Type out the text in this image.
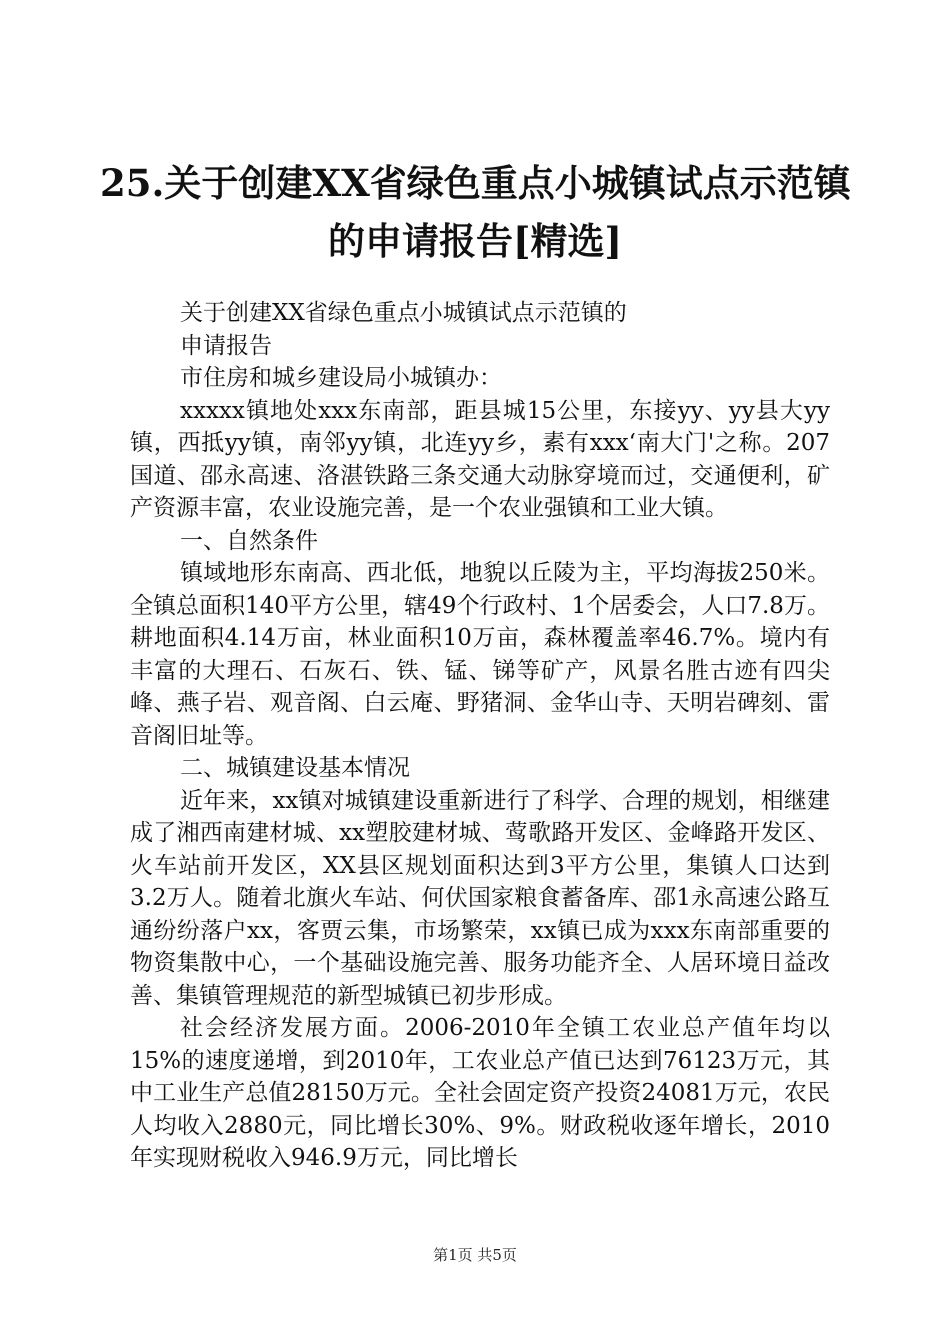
25.关于创建XX省绿色重点小城镇试点示范镇
的申请报告[精选]

关于创建XX省绿色重点小城镇试点示范镇的

申请报告

市住房和城乡建设局小城镇办：

xxxxx镇地处xxx东南部，距县城15公里，东接yy、yy县大yy镇，西抵yy镇，南邻yy镇，北连yy乡，素有xxx‘南大门'之称。207国道、邵永高速、洛湛铁路三条交通大动脉穿境而过，交通便利，矿产资源丰富，农业设施完善，是一个农业强镇和工业大镇。

一、自然条件

镇域地形东南高、西北低，地貌以丘陵为主，平均海拔250米。全镇总面积140平方公里，辖49个行政村、1个居委会，人口7.8万。耕地面积4.14万亩，林业面积10万亩，森林覆盖率46.7%。境内有丰富的大理石、石灰石、铁、锰、锑等矿产，风景名胜古迹有四尖峰、燕子岩、观音阁、白云庵、野猪洞、金华山寺、天明岩碑刻、雷音阁旧址等。

二、城镇建设基本情况

近年来，xx镇对城镇建设重新进行了科学、合理的规划，相继建成了湘西南建材城、xx塑胶建材城、莺歌路开发区、金峰路开发区、火车站前开发区，XX县区规划面积达到3平方公里，集镇人口达到3.2万人。随着北旗火车站、何伏国家粮食蓄备库、邵1永高速公路互通纷纷落户xx，客贾云集，市场繁荣，xx镇已成为xxx东南部重要的物资集散中心，一个基础设施完善、服务功能齐全、人居环境日益改善、集镇管理规范的新型城镇已初步形成。

社会经济发展方面。2006-2010年全镇工农业总产值年均以15%的速度递增，到2010年，工农业总产值已达到76123万元，其中工业生产总值28150万元。全社会固定资产投资24081万元，农民人均收入2880元，同比增长30%、9%。财政税收逐年增长，2010年实现财税收入946.9万元，同比增长

第1页 共5页
